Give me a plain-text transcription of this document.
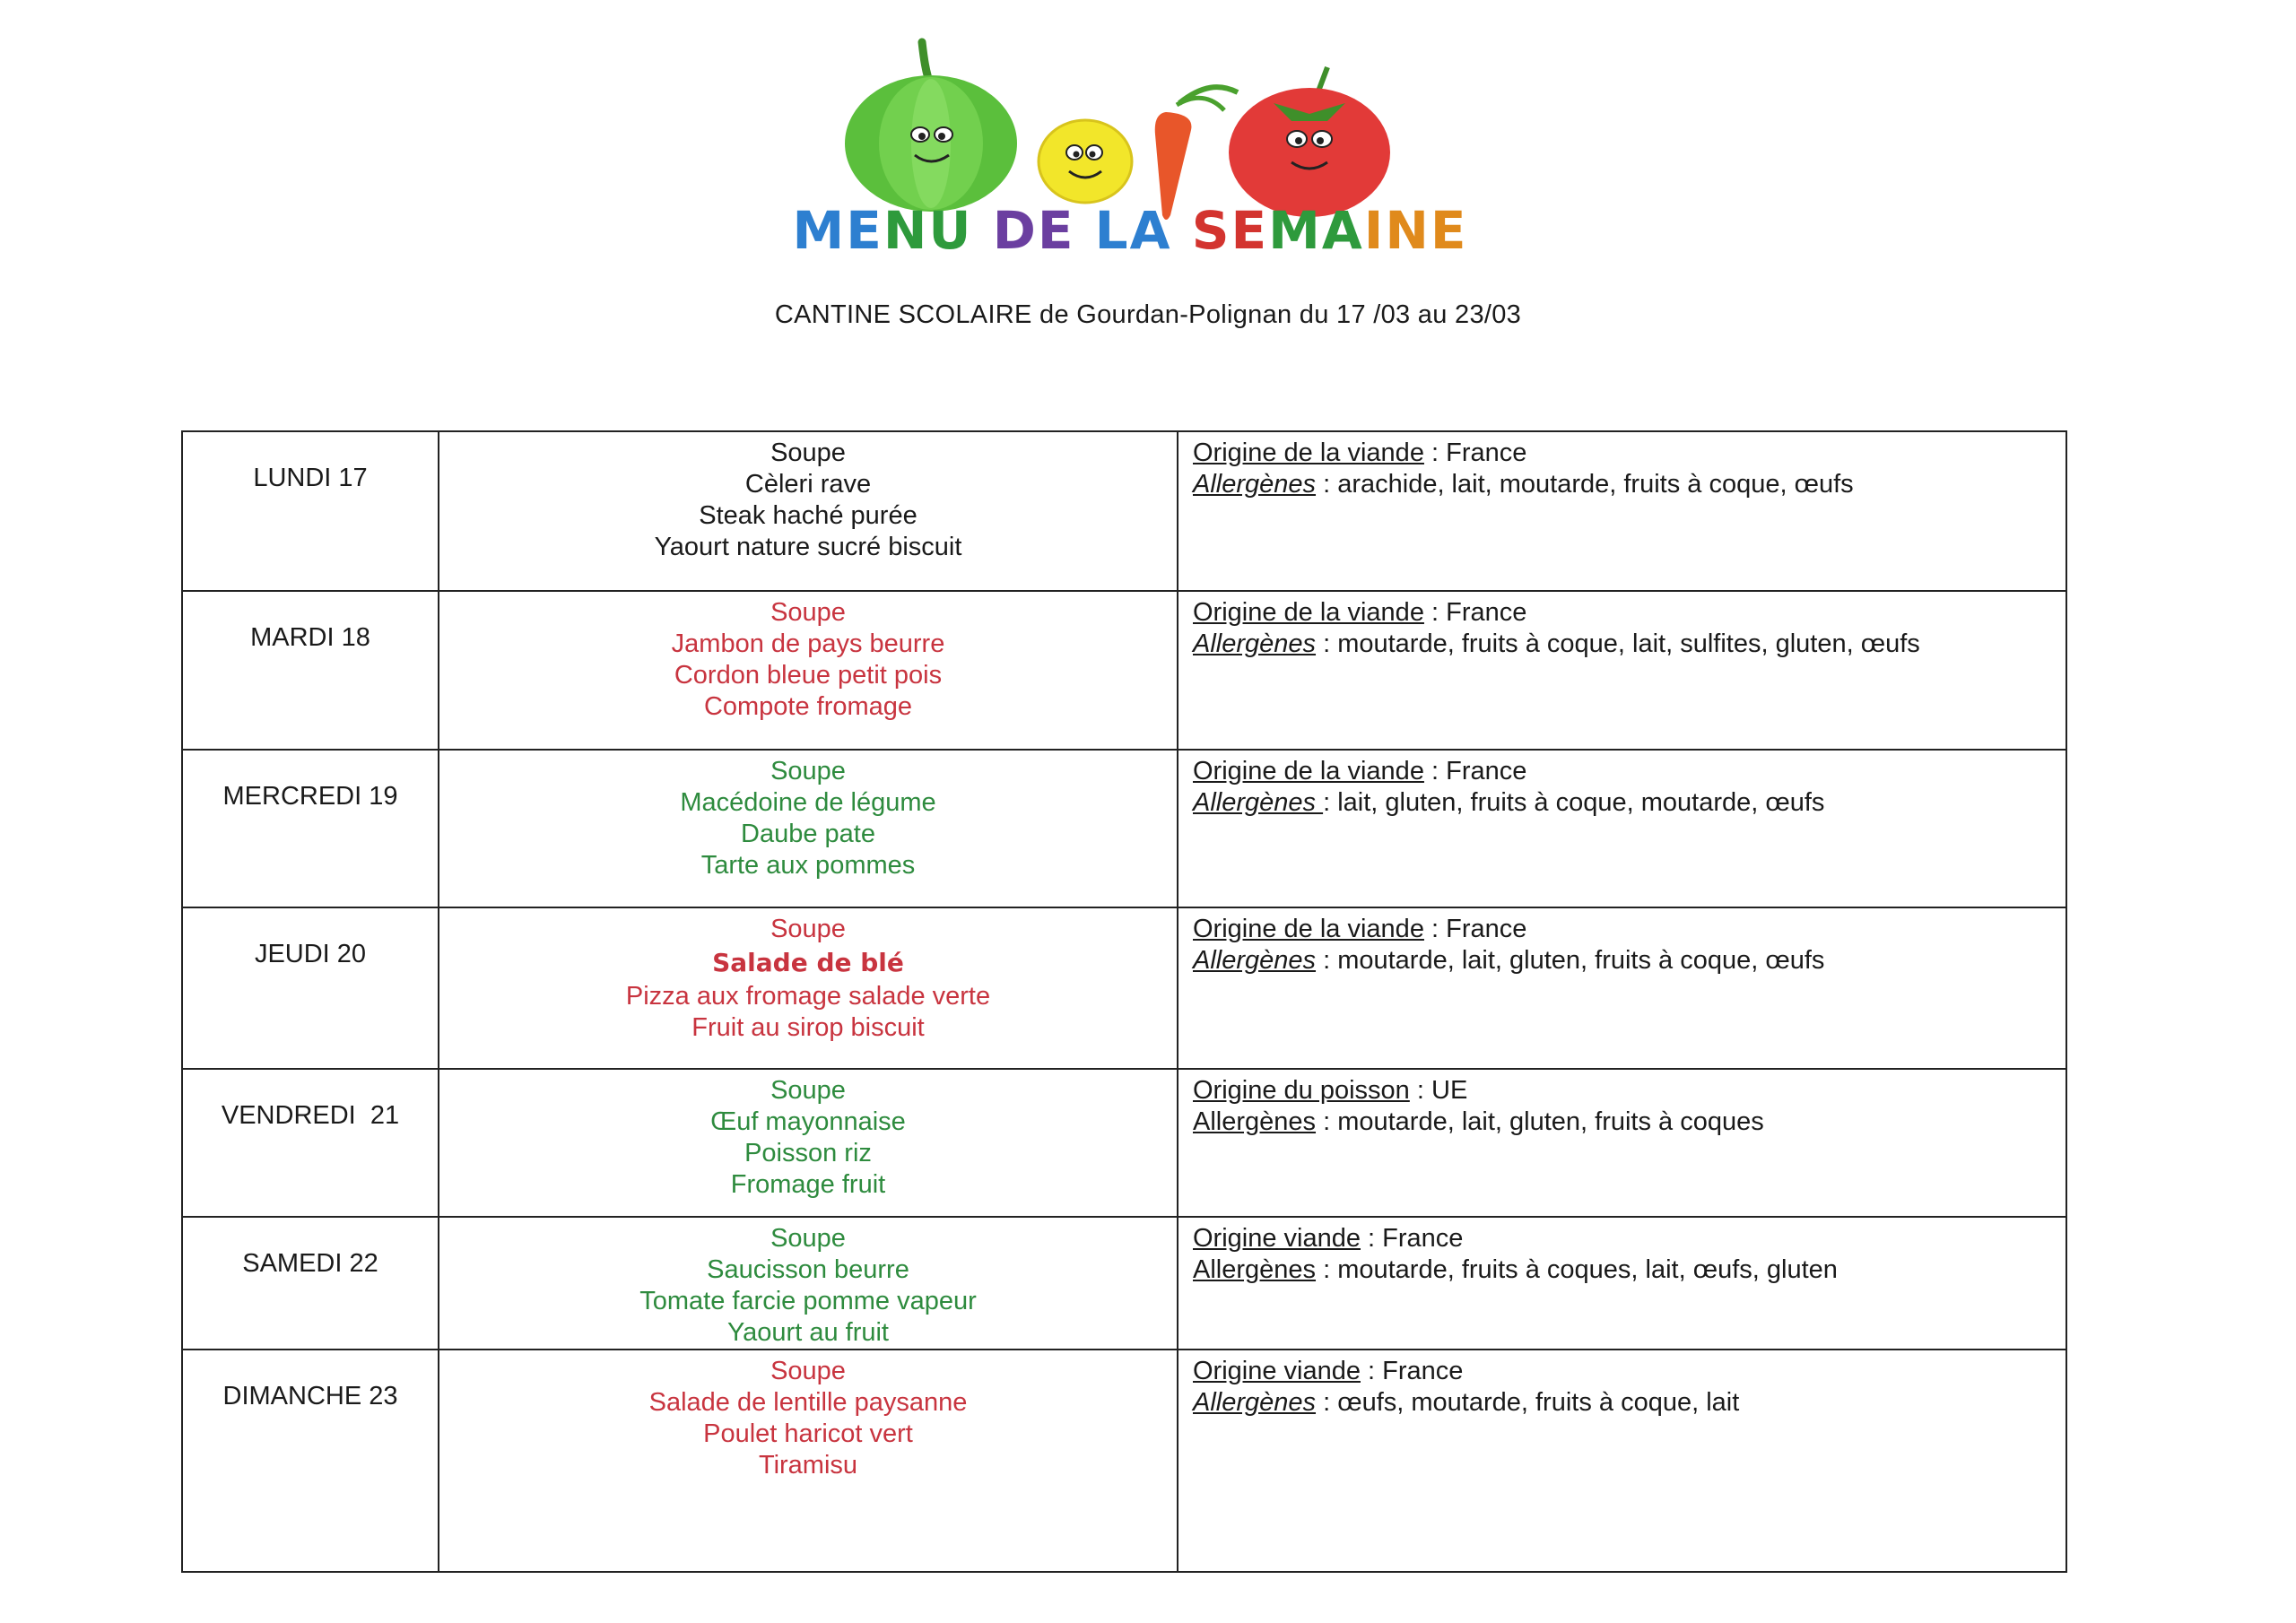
MENU DE LA SEMAINE
CANTINE SCOLAIRE de Gourdan-Polignan du 17 /03 au 23/03
LUNDI 17	Soupe
Cèleri rave
Steak haché purée
Yaourt nature sucré biscuit	Origine de la viande : France
Allergènes : arachide, lait, moutarde, fruits à coque, œufs

MARDI 18	Soupe
Jambon de pays beurre
Cordon bleue petit pois
Compote fromage	Origine de la viande : France
Allergènes : moutarde, fruits à coque, lait, sulfites, gluten, œufs

MERCREDI 19	Soupe
Macédoine de légume
Daube pate
Tarte aux pommes	Origine de la viande : France
Allergènes : lait, gluten, fruits à coque, moutarde, œufs

JEUDI 20	Soupe
Salade de blé
Pizza aux fromage salade verte
Fruit au sirop biscuit	Origine de la viande : France
Allergènes : moutarde, lait, gluten, fruits à coque, œufs

VENDREDI  21	Soupe
Œuf mayonnaise
Poisson riz
Fromage fruit	Origine du poisson : UE
Allergènes : moutarde, lait, gluten, fruits à coques

SAMEDI 22	Soupe
Saucisson beurre
Tomate farcie pomme vapeur
Yaourt au fruit	Origine viande : France
Allergènes : moutarde, fruits à coques, lait, œufs, gluten

DIMANCHE 23	Soupe
Salade de lentille paysanne
Poulet haricot vert
Tiramisu	Origine viande : France
Allergènes : œufs, moutarde, fruits à coque, lait
